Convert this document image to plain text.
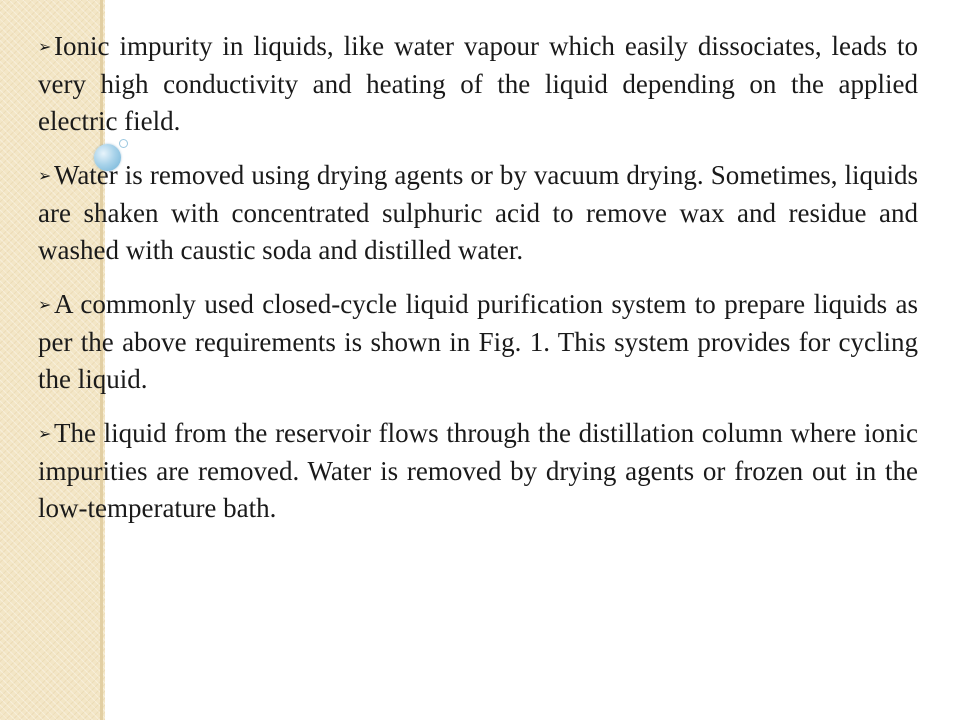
➢Ionic impurity in liquids, like water vapour which easily dissociates, leads to very high conductivity and heating of the liquid depending on the applied electric field.

➢Water is removed using drying agents or by vacuum drying. Sometimes, liquids are shaken with concentrated sulphuric acid to remove wax and residue and washed with caustic soda and distilled water.

➢A commonly used closed-cycle liquid purification system to prepare liquids as per the above requirements is shown in Fig. 1. This system provides for cycling the liquid.

➢The liquid from the reservoir flows through the distillation column where ionic impurities are removed. Water is removed by drying agents or frozen out in the low-temperature bath.
